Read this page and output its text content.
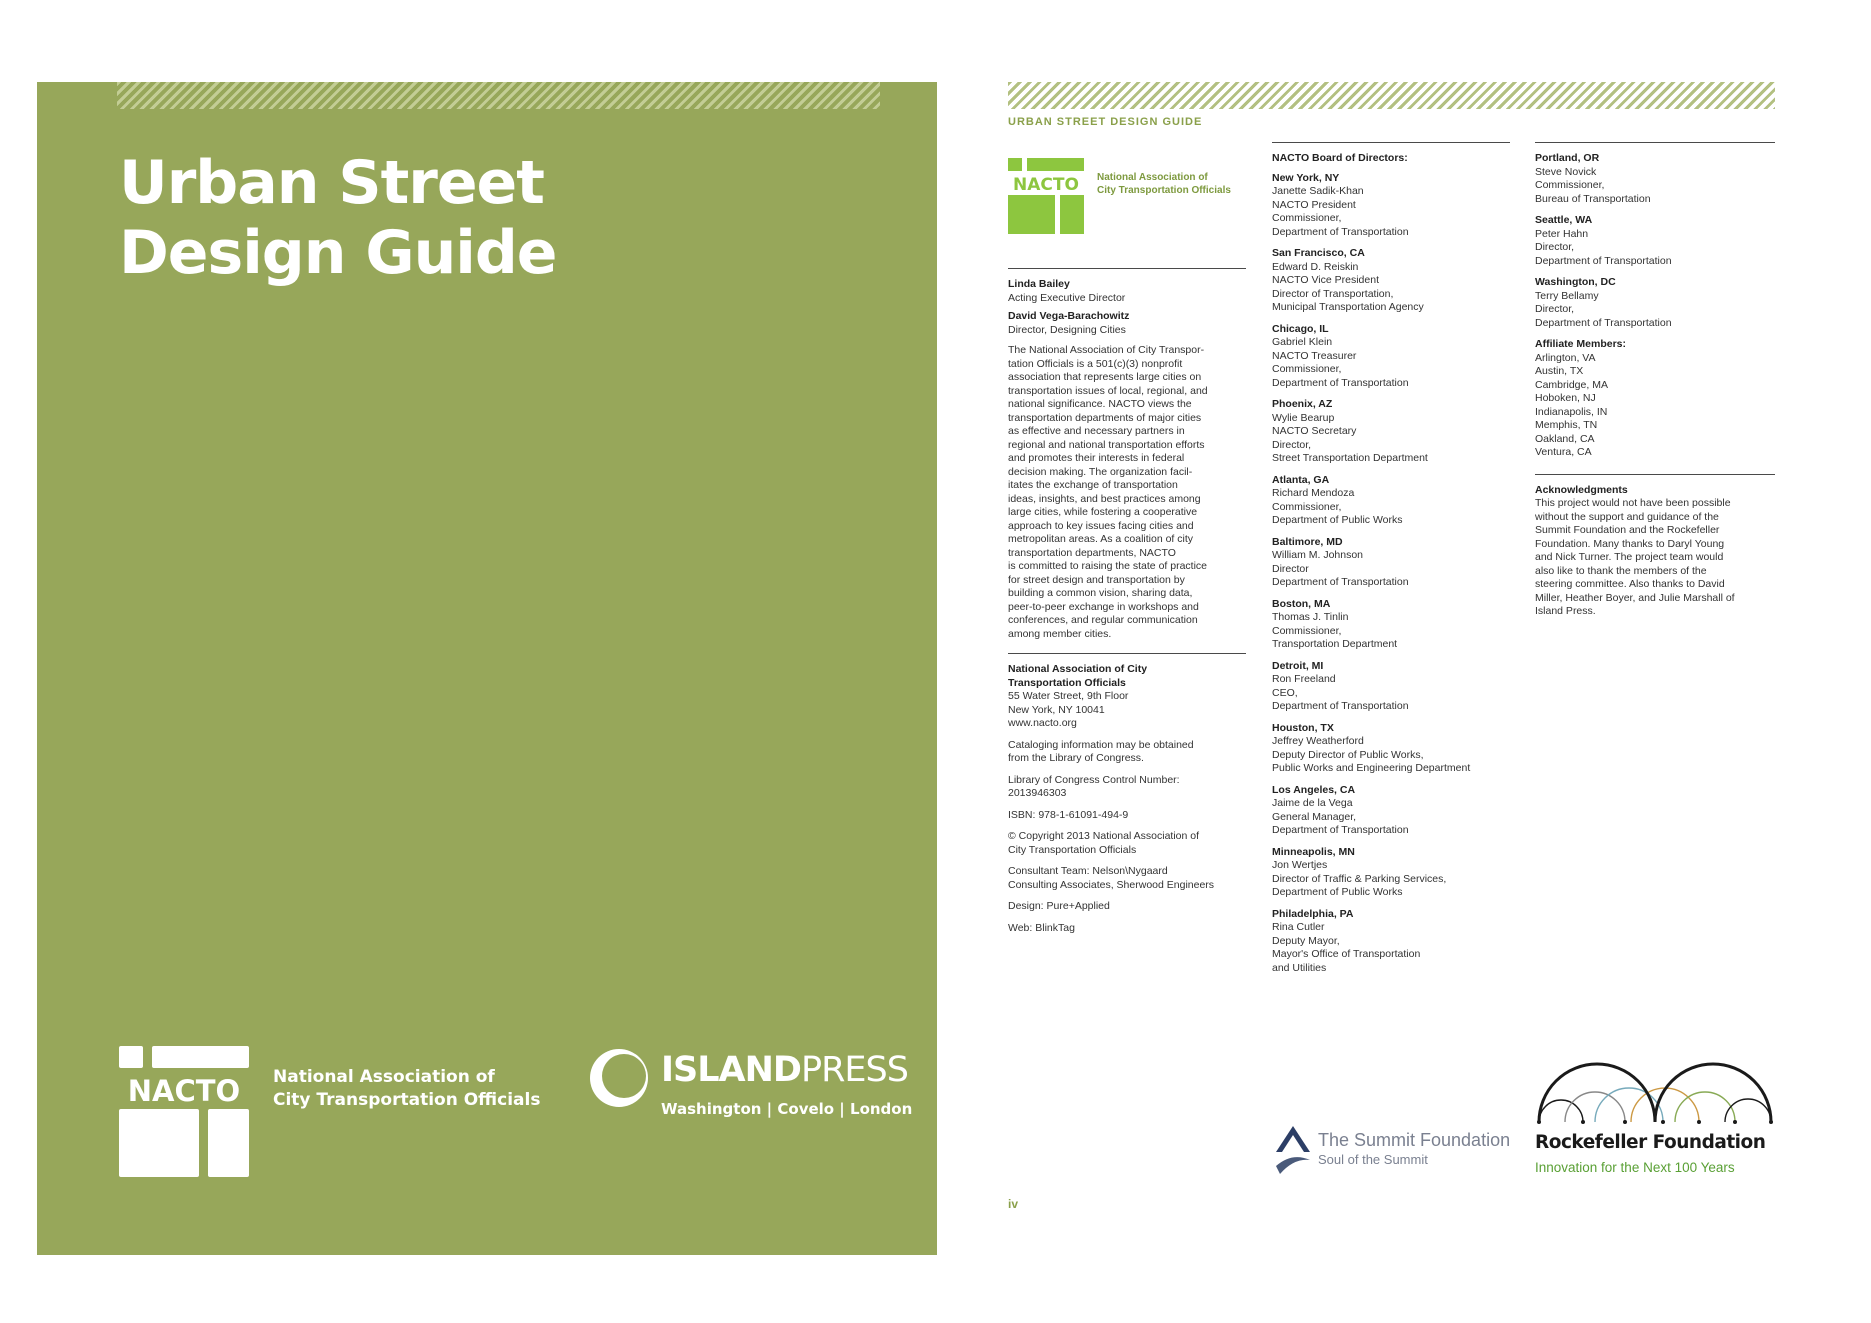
Urban Street
Design Guide
NACTO National Association of
City Transportation Officials
ISLANDPRESS
Washington | Covelo | London
URBAN STREET DESIGN GUIDE
NACTO National Association of
City Transportation Officials
Linda Bailey
Acting Executive Director
David Vega-Barachowitz
Director, Designing Cities
The National Association of City Transpor-
tation Officials is a 501(c)(3) nonprofit
association that represents large cities on
transportation issues of local, regional, and
national significance. NACTO views the
transportation departments of major cities
as effective and necessary partners in
regional and national transportation efforts
and promotes their interests in federal
decision making. The organization facil-
itates the exchange of transportation
ideas, insights, and best practices among
large cities, while fostering a cooperative
approach to key issues facing cities and
metropolitan areas. As a coalition of city
transportation departments, NACTO
is committed to raising the state of practice
for street design and transportation by
building a common vision, sharing data,
peer-to-peer exchange in workshops and
conferences, and regular communication
among member cities.
National Association of City
Transportation Officials
55 Water Street, 9th Floor
New York, NY 10041
www.nacto.org
Cataloging information may be obtained
from the Library of Congress.
Library of Congress Control Number:
2013946303
ISBN: 978-1-61091-494-9
© Copyright 2013 National Association of
City Transportation Officials
Consultant Team: Nelson\Nygaard
Consulting Associates, Sherwood Engineers
Design: Pure+Applied
Web: BlinkTag
NACTO Board of Directors:
New York, NY
Janette Sadik-Khan
NACTO President
Commissioner,
Department of Transportation
San Francisco, CA
Edward D. Reiskin
NACTO Vice President
Director of Transportation,
Municipal Transportation Agency
Chicago, IL
Gabriel Klein
NACTO Treasurer
Commissioner,
Department of Transportation
Phoenix, AZ
Wylie Bearup
NACTO Secretary
Director,
Street Transportation Department
Atlanta, GA
Richard Mendoza
Commissioner,
Department of Public Works
Baltimore, MD
William M. Johnson
Director
Department of Transportation
Boston, MA
Thomas J. Tinlin
Commissioner,
Transportation Department
Detroit, MI
Ron Freeland
CEO,
Department of Transportation
Houston, TX
Jeffrey Weatherford
Deputy Director of Public Works,
Public Works and Engineering Department
Los Angeles, CA
Jaime de la Vega
General Manager,
Department of Transportation
Minneapolis, MN
Jon Wertjes
Director of Traffic & Parking Services,
Department of Public Works
Philadelphia, PA
Rina Cutler
Deputy Mayor,
Mayor's Office of Transportation
and Utilities
Portland, OR
Steve Novick
Commissioner,
Bureau of Transportation
Seattle, WA
Peter Hahn
Director,
Department of Transportation
Washington, DC
Terry Bellamy
Director,
Department of Transportation
Affiliate Members:
Arlington, VA
Austin, TX
Cambridge, MA
Hoboken, NJ
Indianapolis, IN
Memphis, TN
Oakland, CA
Ventura, CA
Acknowledgments
This project would not have been possible
without the support and guidance of the
Summit Foundation and the Rockefeller
Foundation. Many thanks to Daryl Young
and Nick Turner. The project team would
also like to thank the members of the
steering committee. Also thanks to David
Miller, Heather Boyer, and Julie Marshall of
Island Press.
The Summit Foundation
Soul of the Summit
Rockefeller Foundation
Innovation for the Next 100 Years
iv
